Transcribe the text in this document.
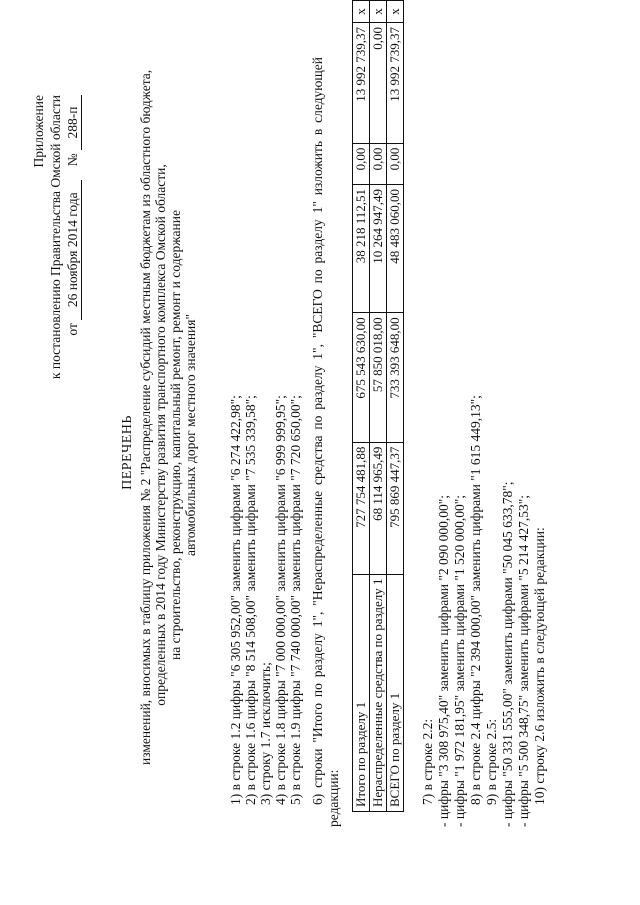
Приложение к постановлению Правительства Омской области от 26 ноября 2014 года    № 288-п
ПЕРЕЧЕНЬ изменений, вносимых в таблицу приложения № 2 "Распределение субсидий местным бюджетам из областного бюджета, определенных в 2014 году Министерству развития транспортного комплекса Омской области, на строительство, реконструкцию, капитальный ремонт, ремонт и содержание автомобильных дорог местного значения" 1) в строке 1.2 цифры "6 305 952,00" заменить цифрами "6 274 422,98"; 2) в строке 1.6 цифры "8 514 508,00" заменить цифрами "7 535 339,58"; 3) строку 1.7 исключить; 4) в строке 1.8 цифры "7 000 000,00" заменить цифрами "6 999 999,95"; 5) в строке 1.9 цифры "7 740 000,00" заменить цифрами "7 720 650,00"; 6) строки "Итого по разделу 1", "Нераспределенные средства по разделу 1", "ВСЕГО по разделу 1" изложить в следующей редакции: Итого по разделу 1	727 754 481,88	675 543 630,00	38 218 112,51	0,00	13 992 739,37	x
Нераспределенные средства по разделу 1	68 114 965,49	57 850 018,00	10 264 947,49	0,00	0,00	x
ВСЕГО по разделу 1	795 869 447,37	733 393 648,00	48 483 060,00	0,00	13 992 739,37	x
7) в строке 2.2: - цифры "3 308 975,40" заменить цифрами "2 090 000,00"; - цифры "1 972 181,95" заменить цифрами "1 520 000,00"; 8) в строке 2.4 цифры "2 394 000,00" заменить цифрами "1 615 449,13"; 9) в строке 2.5: - цифры "50 331 555,00" заменить цифрами "50 045 633,78"; - цифры "5 500 348,75" заменить цифрами "5 214 427,53"; 10) строку 2.6 изложить в следующей редакции:
